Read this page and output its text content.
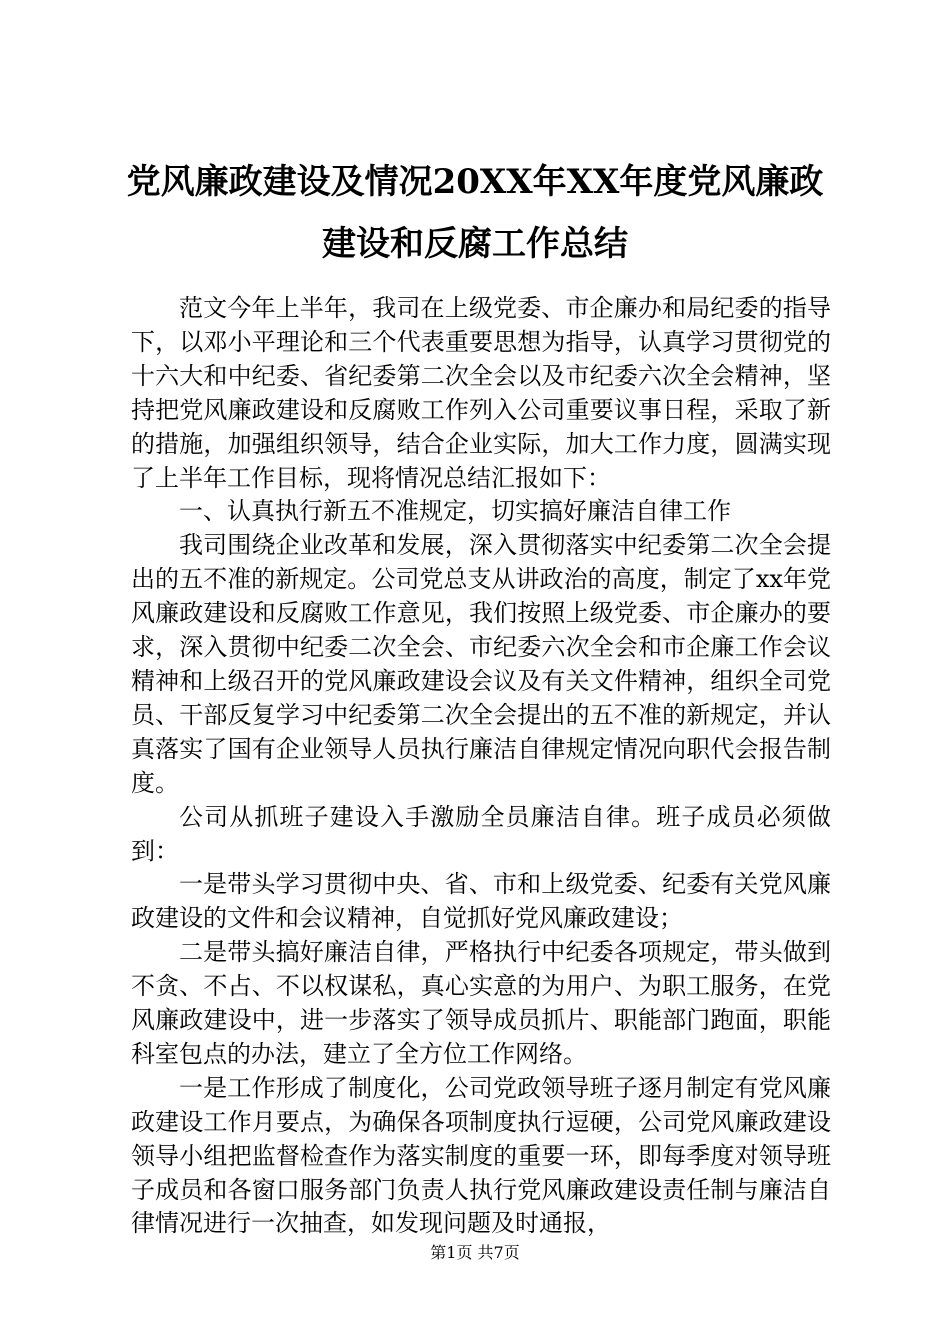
党风廉政建设及情况20XX年XX年度党风廉政
建设和反腐工作总结

范文今年上半年，我司在上级党委、市企廉办和局纪委的指导下，以邓小平理论和三个代表重要思想为指导，认真学习贯彻党的十六大和中纪委、省纪委第二次全会以及市纪委六次全会精神，坚持把党风廉政建设和反腐败工作列入公司重要议事日程，采取了新的措施，加强组织领导，结合企业实际，加大工作力度，圆满实现了上半年工作目标，现将情况总结汇报如下：

一、认真执行新五不准规定，切实搞好廉洁自律工作

我司围绕企业改革和发展，深入贯彻落实中纪委第二次全会提出的五不准的新规定。公司党总支从讲政治的高度，制定了xx年党风廉政建设和反腐败工作意见，我们按照上级党委、市企廉办的要求，深入贯彻中纪委二次全会、市纪委六次全会和市企廉工作会议精神和上级召开的党风廉政建设会议及有关文件精神，组织全司党员、干部反复学习中纪委第二次全会提出的五不准的新规定，并认真落实了国有企业领导人员执行廉洁自律规定情况向职代会报告制度。

公司从抓班子建设入手激励全员廉洁自律。班子成员必须做到：

一是带头学习贯彻中央、省、市和上级党委、纪委有关党风廉政建设的文件和会议精神，自觉抓好党风廉政建设；

二是带头搞好廉洁自律，严格执行中纪委各项规定，带头做到不贪、不占、不以权谋私，真心实意的为用户、为职工服务，在党风廉政建设中，进一步落实了领导成员抓片、职能部门跑面，职能科室包点的办法，建立了全方位工作网络。

一是工作形成了制度化，公司党政领导班子逐月制定有党风廉政建设工作月要点，为确保各项制度执行逗硬，公司党风廉政建设领导小组把监督检查作为落实制度的重要一环，即每季度对领导班子成员和各窗口服务部门负责人执行党风廉政建设责任制与廉洁自律情况进行一次抽查，如发现问题及时通报，

第1页 共7页
